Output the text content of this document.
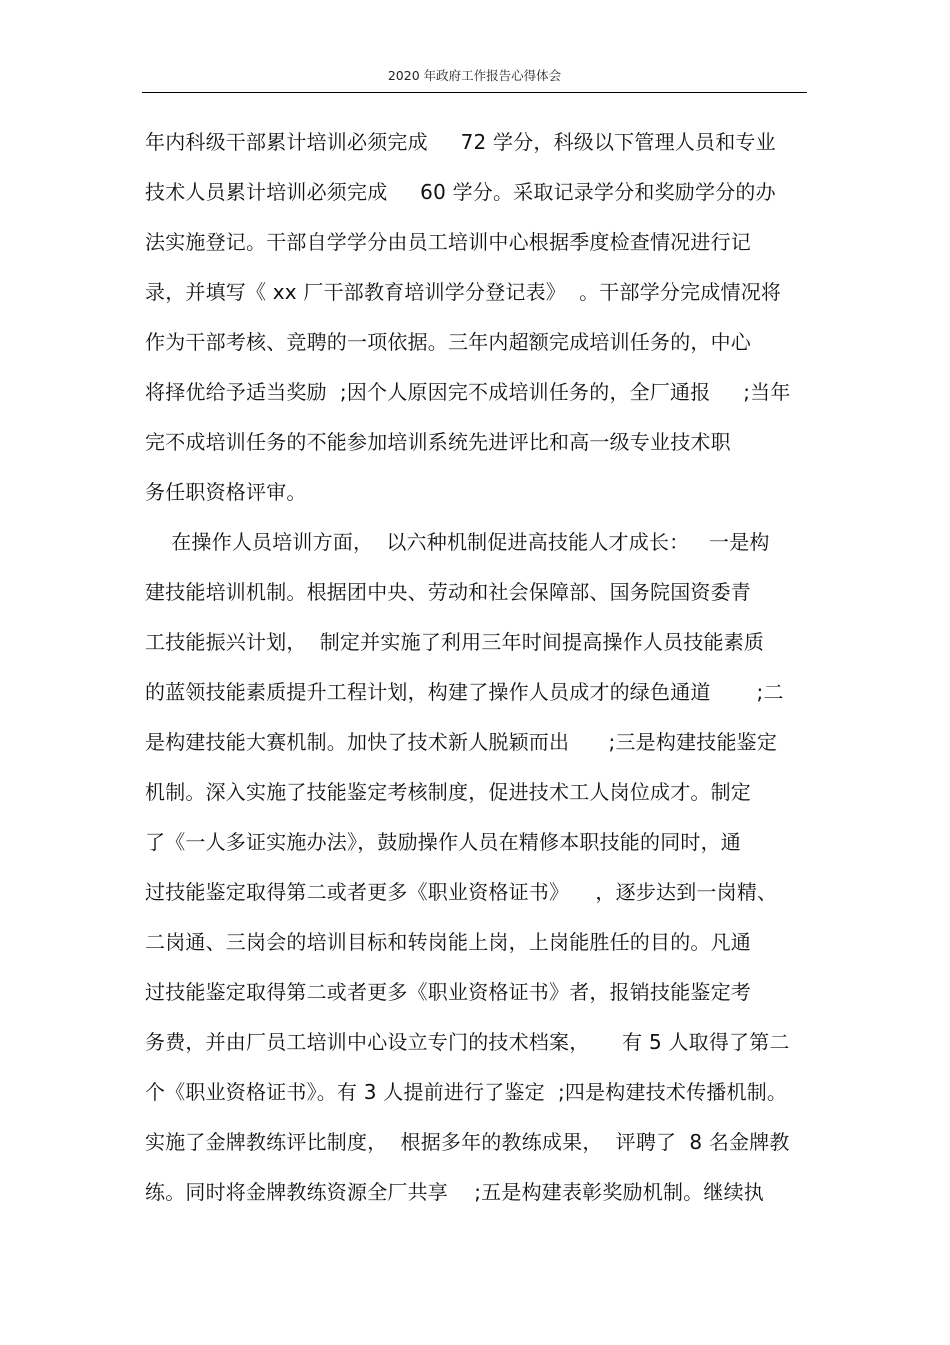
2020 年政府工作报告心得体会
年内科级干部累计培训必须完成     72 学分，科级以下管理人员和专业
技术人员累计培训必须完成     60 学分。采取记录学分和奖励学分的办
法实施登记。干部自学学分由员工培训中心根据季度检查情况进行记
录，并填写《 xx 厂干部教育培训学分登记表》  。干部学分完成情况将
作为干部考核、竞聘的一项依据。三年内超额完成培训任务的，中心
将择优给予适当奖励  ;因个人原因完不成培训任务的，全厂通报     ;当年
完不成培训任务的不能参加培训系统先进评比和高一级专业技术职
务任职资格评审。
在操作人员培训方面，  以六种机制促进高技能人才成长：   一是构
建技能培训机制。根据团中央、劳动和社会保障部、国务院国资委青
工技能振兴计划，  制定并实施了利用三年时间提高操作人员技能素质
的蓝领技能素质提升工程计划，构建了操作人员成才的绿色通道       ;二
是构建技能大赛机制。加快了技术新人脱颖而出      ;三是构建技能鉴定
机制。深入实施了技能鉴定考核制度，促进技术工人岗位成才。制定
了《一人多证实施办法》，鼓励操作人员在精修本职技能的同时，通
过技能鉴定取得第二或者更多《职业资格证书》    ，逐步达到一岗精、
二岗通、三岗会的培训目标和转岗能上岗，上岗能胜任的目的。凡通
过技能鉴定取得第二或者更多《职业资格证书》者，报销技能鉴定考
务费，并由厂员工培训中心设立专门的技术档案，     有 5 人取得了第二
个《职业资格证书》。有 3 人提前进行了鉴定  ;四是构建技术传播机制。
实施了金牌教练评比制度，  根据多年的教练成果，  评聘了  8 名金牌教
练。同时将金牌教练资源全厂共享    ;五是构建表彰奖励机制。继续执
